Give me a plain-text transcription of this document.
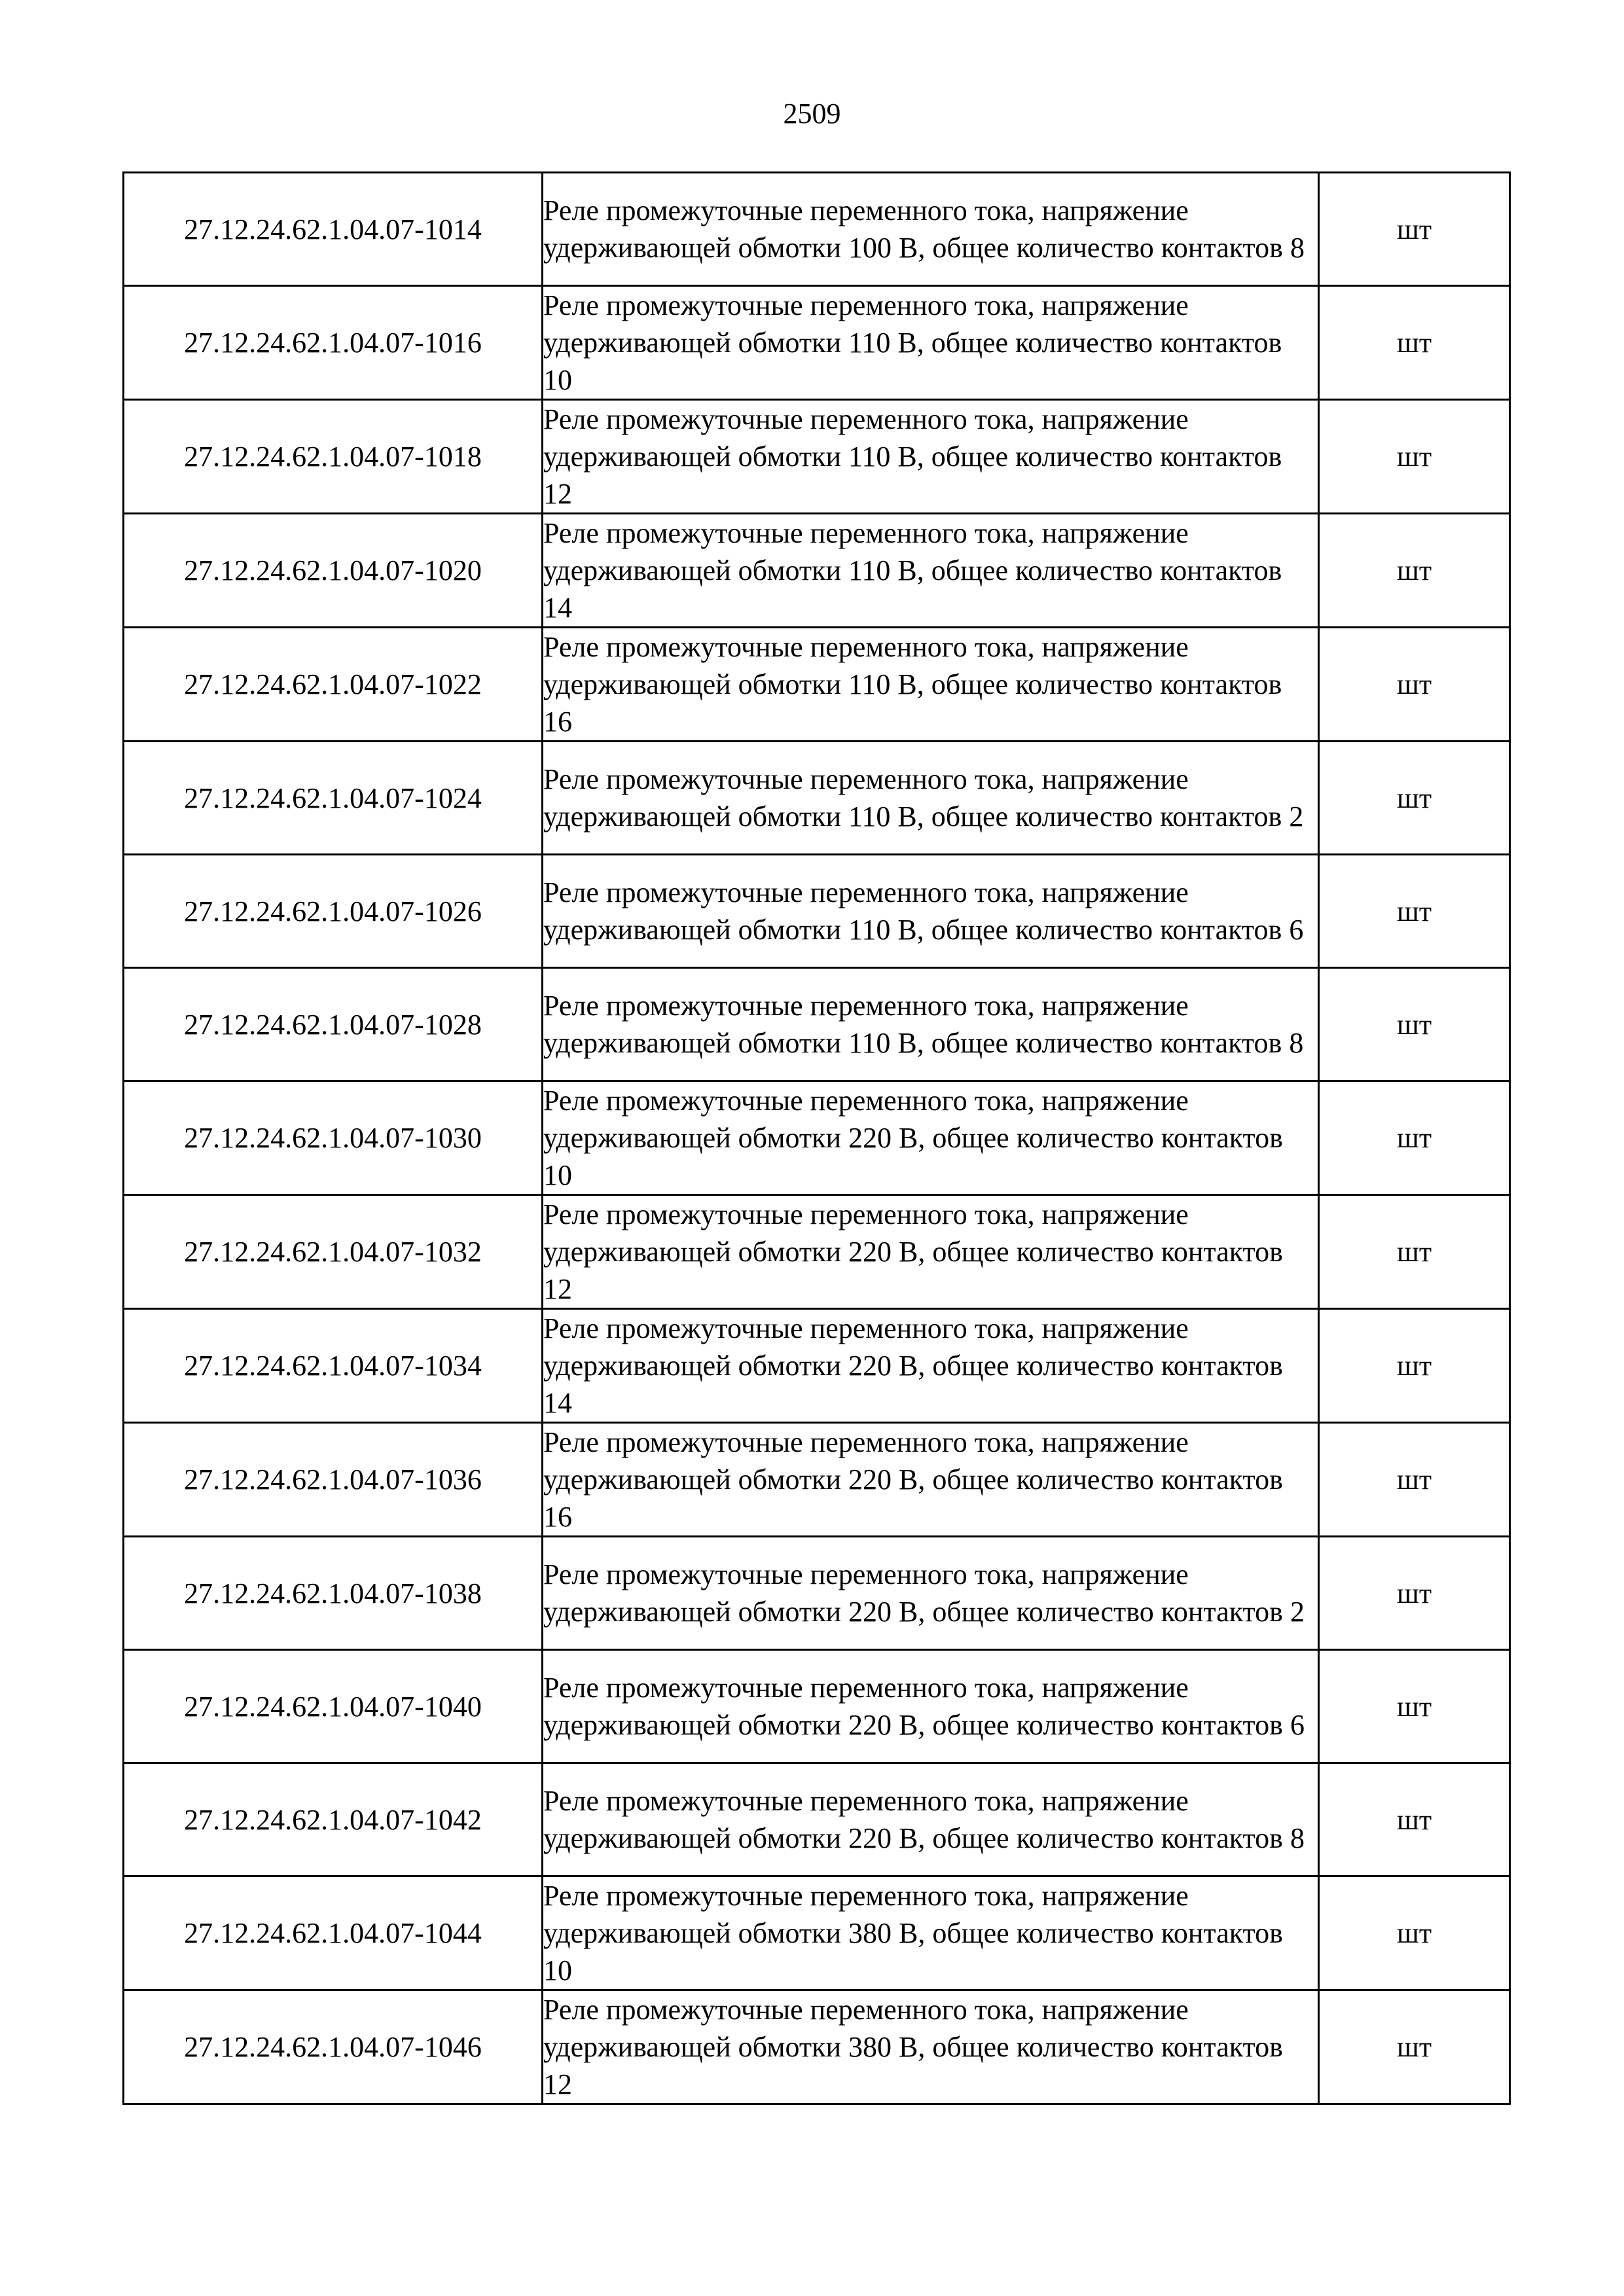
2509
27.12.24.62.1.04.07-1014	Реле промежуточные переменного тока, напряжение удерживающей обмотки 100 В, общее количество контактов 8	шт
27.12.24.62.1.04.07-1016	Реле промежуточные переменного тока, напряжение удерживающей обмотки 110 В, общее количество контактов 10	шт
27.12.24.62.1.04.07-1018	Реле промежуточные переменного тока, напряжение удерживающей обмотки 110 В, общее количество контактов 12	шт
27.12.24.62.1.04.07-1020	Реле промежуточные переменного тока, напряжение удерживающей обмотки 110 В, общее количество контактов 14	шт
27.12.24.62.1.04.07-1022	Реле промежуточные переменного тока, напряжение удерживающей обмотки 110 В, общее количество контактов 16	шт
27.12.24.62.1.04.07-1024	Реле промежуточные переменного тока, напряжение удерживающей обмотки 110 В, общее количество контактов 2	шт
27.12.24.62.1.04.07-1026	Реле промежуточные переменного тока, напряжение удерживающей обмотки 110 В, общее количество контактов 6	шт
27.12.24.62.1.04.07-1028	Реле промежуточные переменного тока, напряжение удерживающей обмотки 110 В, общее количество контактов 8	шт
27.12.24.62.1.04.07-1030	Реле промежуточные переменного тока, напряжение удерживающей обмотки 220 В, общее количество контактов 10	шт
27.12.24.62.1.04.07-1032	Реле промежуточные переменного тока, напряжение удерживающей обмотки 220 В, общее количество контактов 12	шт
27.12.24.62.1.04.07-1034	Реле промежуточные переменного тока, напряжение удерживающей обмотки 220 В, общее количество контактов 14	шт
27.12.24.62.1.04.07-1036	Реле промежуточные переменного тока, напряжение удерживающей обмотки 220 В, общее количество контактов 16	шт
27.12.24.62.1.04.07-1038	Реле промежуточные переменного тока, напряжение удерживающей обмотки 220 В, общее количество контактов 2	шт
27.12.24.62.1.04.07-1040	Реле промежуточные переменного тока, напряжение удерживающей обмотки 220 В, общее количество контактов 6	шт
27.12.24.62.1.04.07-1042	Реле промежуточные переменного тока, напряжение удерживающей обмотки 220 В, общее количество контактов 8	шт
27.12.24.62.1.04.07-1044	Реле промежуточные переменного тока, напряжение удерживающей обмотки 380 В, общее количество контактов 10	шт
27.12.24.62.1.04.07-1046	Реле промежуточные переменного тока, напряжение удерживающей обмотки 380 В, общее количество контактов 12	шт
